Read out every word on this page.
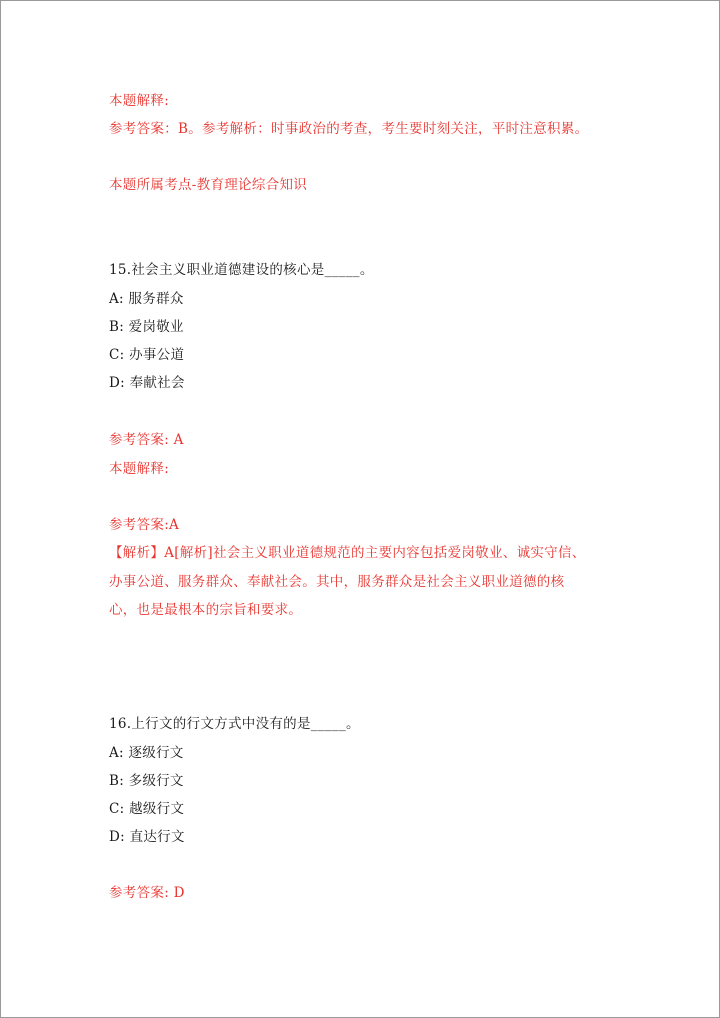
本题解释:
参考答案：B。参考解析：时事政治的考查，考生要时刻关注，平时注意积累。
本题所属考点-教育理论综合知识
15.社会主义职业道德建设的核心是_____。
A: 服务群众
B: 爱岗敬业
C: 办事公道
D: 奉献社会
参考答案: A
本题解释:
参考答案:A
【解析】A[解析]社会主义职业道德规范的主要内容包括爱岗敬业、诚实守信、
办事公道、服务群众、奉献社会。其中，服务群众是社会主义职业道德的核
心，也是最根本的宗旨和要求。
16.上行文的行文方式中没有的是_____。
A: 逐级行文
B: 多级行文
C: 越级行文
D: 直达行文
参考答案: D
